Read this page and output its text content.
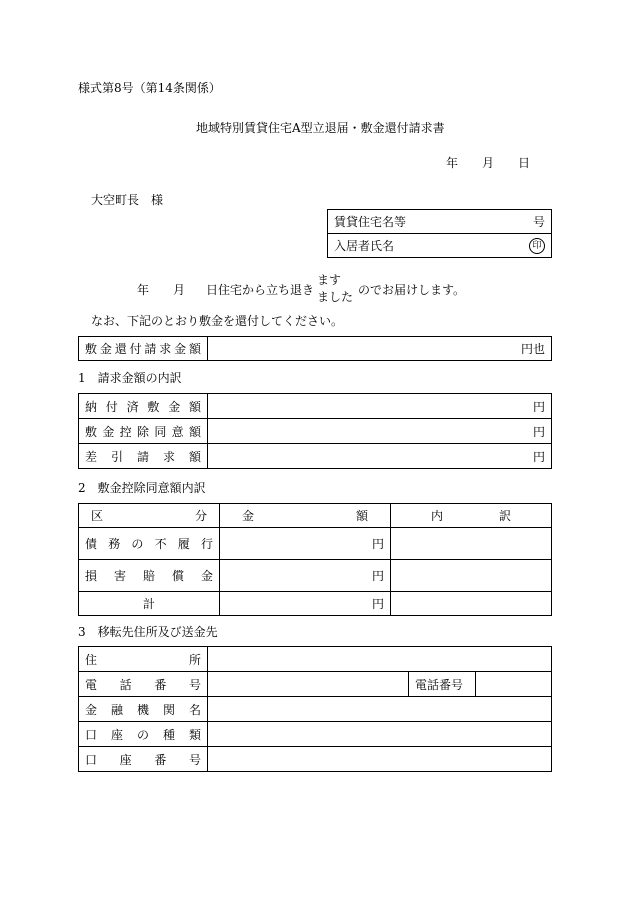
様式第8号（第14条関係）
地域特別賃貸住宅A型立退届・敷金還付請求書
年 月 日
大空町長　様
賃貸住宅名等	号
入居者氏名	印
年 月 日住宅から立ち退き
ます
ました のでお届けします。
なお、下記のとおり敷金を還付してください。
敷金還付請求金額	円也
1　請求金額の内訳
納付済敷金額	円

敷金控除同意額	円

差引請求額	円
2　敷金控除同意額内訳
区分	金額	内訳

債務の不履行	円	

損害賠償金	円	
計	円	
3　移転先住所及び送金先
住所			

電話番号		電話番号	

金融機関名			

口座の種類			

口座番号			
